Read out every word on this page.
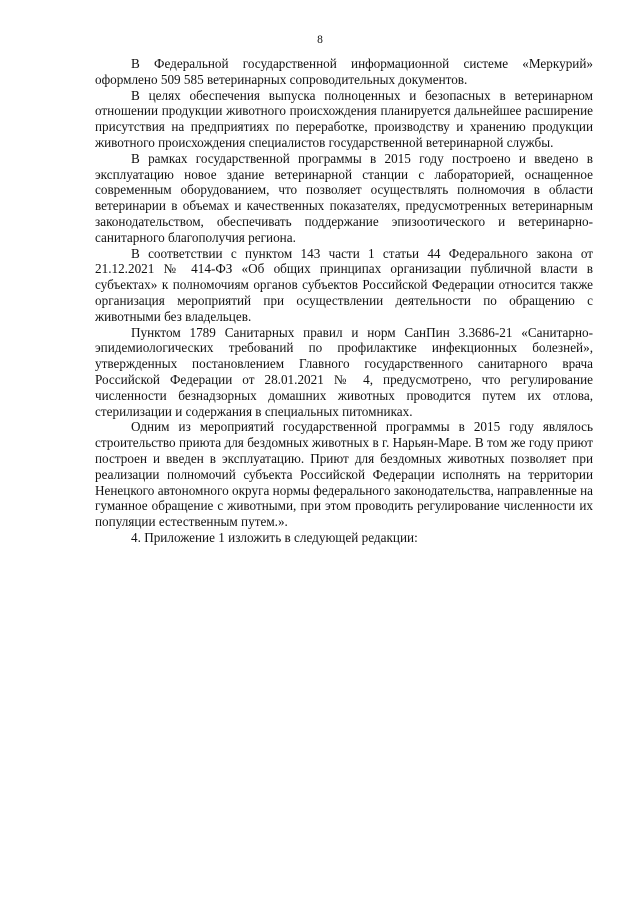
8

В Федеральной государственной информационной системе «Меркурий» оформлено 509 585 ветеринарных сопроводительных документов.

В целях обеспечения выпуска полноценных и безопасных в ветеринарном отношении продукции животного происхождения планируется дальнейшее расширение присутствия на предприятиях по переработке, производству и хранению продукции животного происхождения специалистов государственной ветеринарной службы.

В рамках государственной программы в 2015 году построено и введено в эксплуатацию новое здание ветеринарной станции с лабораторией, оснащенное современным оборудованием, что позволяет осуществлять полномочия в области ветеринарии в объемах и качественных показателях, предусмотренных ветеринарным законодательством, обеспечивать поддержание эпизоотического и ветеринарно-санитарного благополучия региона.

В соответствии с пунктом 143 части 1 статьи 44 Федерального закона от 21.12.2021 № 414-ФЗ «Об общих принципах организации публичной власти в субъектах» к полномочиям органов субъектов Российской Федерации относится также организация мероприятий при осуществлении деятельности по обращению с животными без владельцев.

Пунктом 1789 Санитарных правил и норм СанПин 3.3686-21 «Санитарно-эпидемиологических требований по профилактике инфекционных болезней», утвержденных постановлением Главного государственного санитарного врача Российской Федерации от 28.01.2021 № 4, предусмотрено, что регулирование численности безнадзорных домашних животных проводится путем их отлова, стерилизации и содержания в специальных питомниках.

Одним из мероприятий государственной программы в 2015 году являлось строительство приюта для бездомных животных в г. Нарьян-Маре. В том же году приют построен и введен в эксплуатацию. Приют для бездомных животных позволяет при реализации полномочий субъекта Российской Федерации исполнять на территории Ненецкого автономного округа нормы федерального законодательства, направленные на гуманное обращение с животными, при этом проводить регулирование численности их популяции естественным путем.».

4. Приложение 1 изложить в следующей редакции:
